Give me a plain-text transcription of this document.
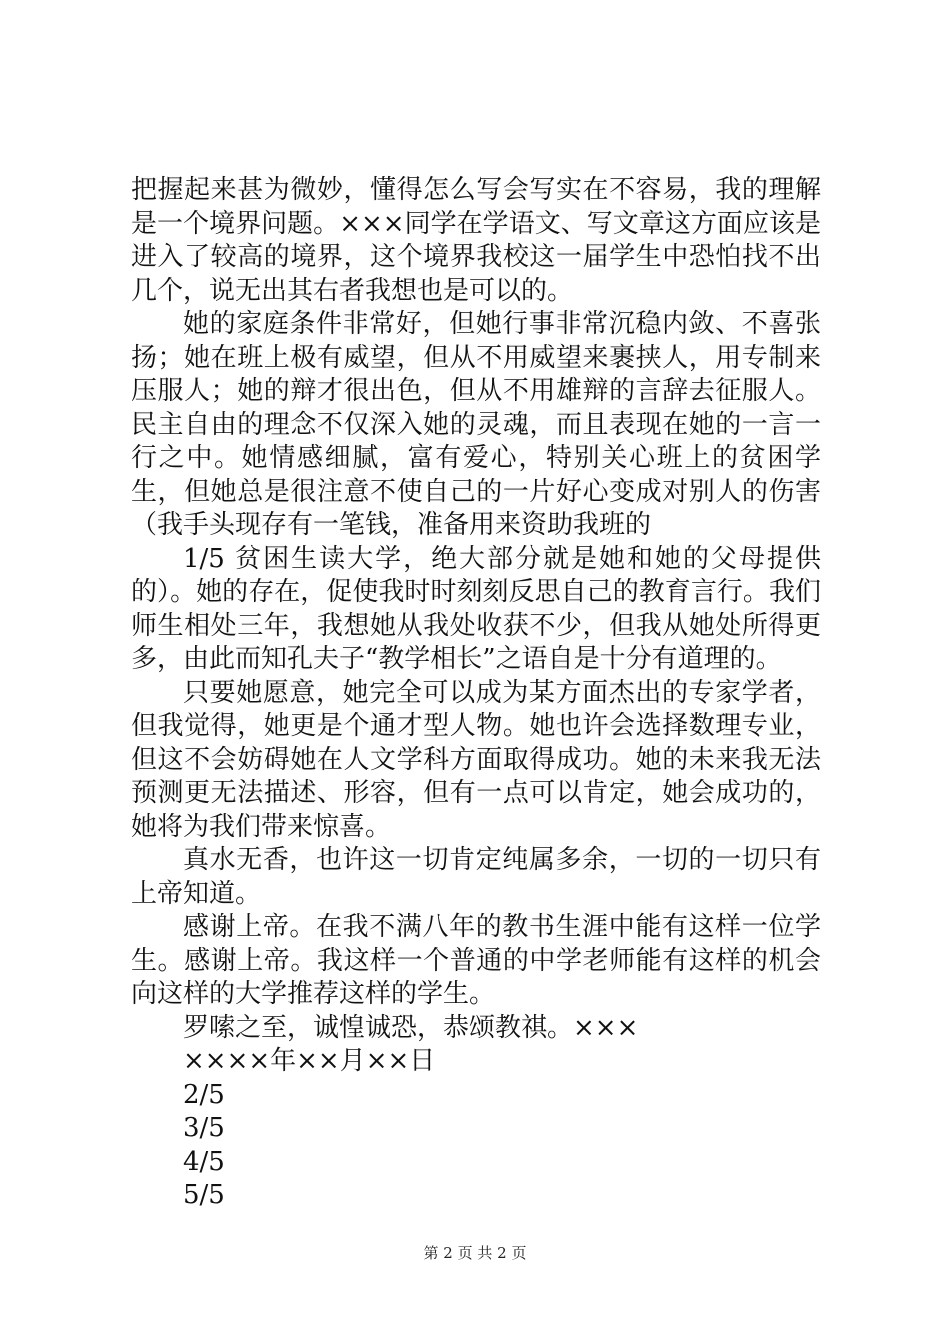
把握起来甚为微妙，懂得怎么写会写实在不容易，我的理解是一个境界问题。×××同学在学语文、写文章这方面应该是进入了较高的境界，这个境界我校这一届学生中恐怕找不出几个，说无出其右者我想也是可以的。

她的家庭条件非常好，但她行事非常沉稳内敛、不喜张扬；她在班上极有威望，但从不用威望来裹挟人，用专制来压服人；她的辩才很出色，但从不用雄辩的言辞去征服人。民主自由的理念不仅深入她的灵魂，而且表现在她的一言一行之中。她情感细腻，富有爱心，特别关心班上的贫困学生，但她总是很注意不使自己的一片好心变成对别人的伤害（我手头现存有一笔钱，准备用来资助我班的

1/5 贫困生读大学，绝大部分就是她和她的父母提供的）。她的存在，促使我时时刻刻反思自己的教育言行。我们师生相处三年，我想她从我处收获不少，但我从她处所得更多，由此而知孔夫子“教学相长”之语自是十分有道理的。

只要她愿意，她完全可以成为某方面杰出的专家学者，但我觉得，她更是个通才型人物。她也许会选择数理专业，但这不会妨碍她在人文学科方面取得成功。她的未来我无法预测更无法描述、形容，但有一点可以肯定，她会成功的，她将为我们带来惊喜。

真水无香，也许这一切肯定纯属多余，一切的一切只有上帝知道。

感谢上帝。在我不满八年的教书生涯中能有这样一位学生。感谢上帝。我这样一个普通的中学老师能有这样的机会向这样的大学推荐这样的学生。

罗嗦之至，诚惶诚恐，恭颂教祺。×××

××××年××月××日

2/5

3/5

4/5

5/5

第 2 页 共 2 页
